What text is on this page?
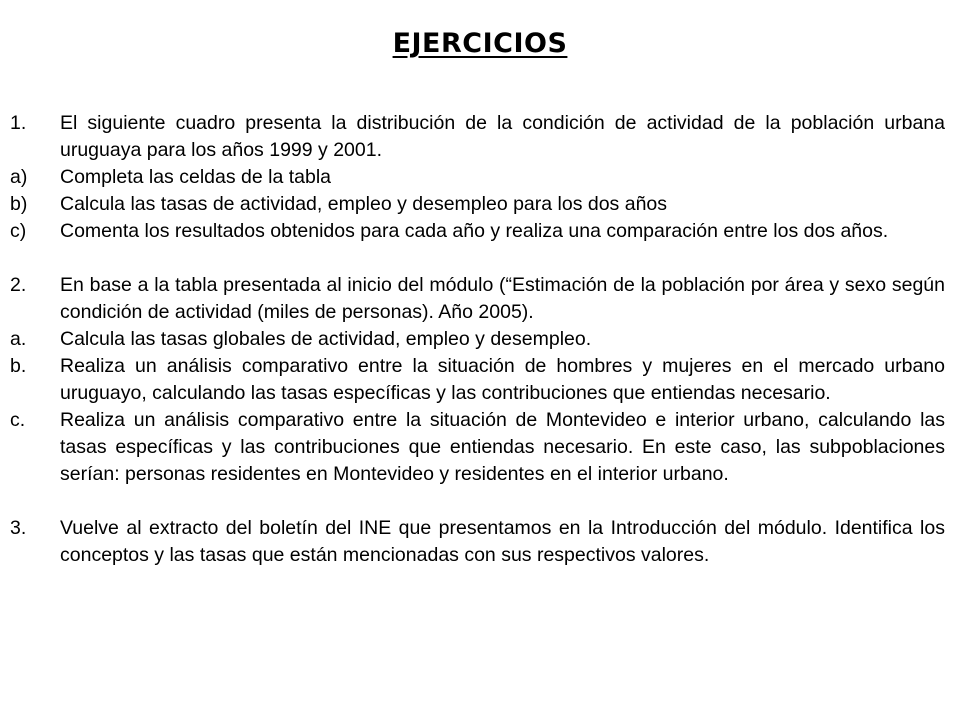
EJERCICIOS
1. El siguiente cuadro presenta la distribución de la condición de actividad de la población urbana uruguaya para los años 1999 y 2001.
a) Completa las celdas de la tabla
b) Calcula las tasas de actividad, empleo y desempleo para los dos años
c) Comenta los resultados obtenidos para cada año y realiza una comparación entre los dos años.
2. En base a la tabla presentada al inicio del módulo (“Estimación de la población por área y sexo según condición de actividad (miles de personas). Año 2005).
a. Calcula las tasas globales de actividad, empleo y desempleo.
b. Realiza un análisis comparativo entre la situación de hombres y mujeres en el mercado urbano uruguayo, calculando las tasas específicas y las contribuciones que entiendas necesario.
c. Realiza un análisis comparativo entre la situación de Montevideo e interior urbano, calculando las tasas específicas y las contribuciones que entiendas necesario. En este caso, las subpoblaciones serían: personas residentes en Montevideo y residentes en el interior urbano.
3. Vuelve al extracto del boletín del INE que presentamos en la Introducción del módulo. Identifica los conceptos y las tasas que están mencionadas con sus respectivos valores.
